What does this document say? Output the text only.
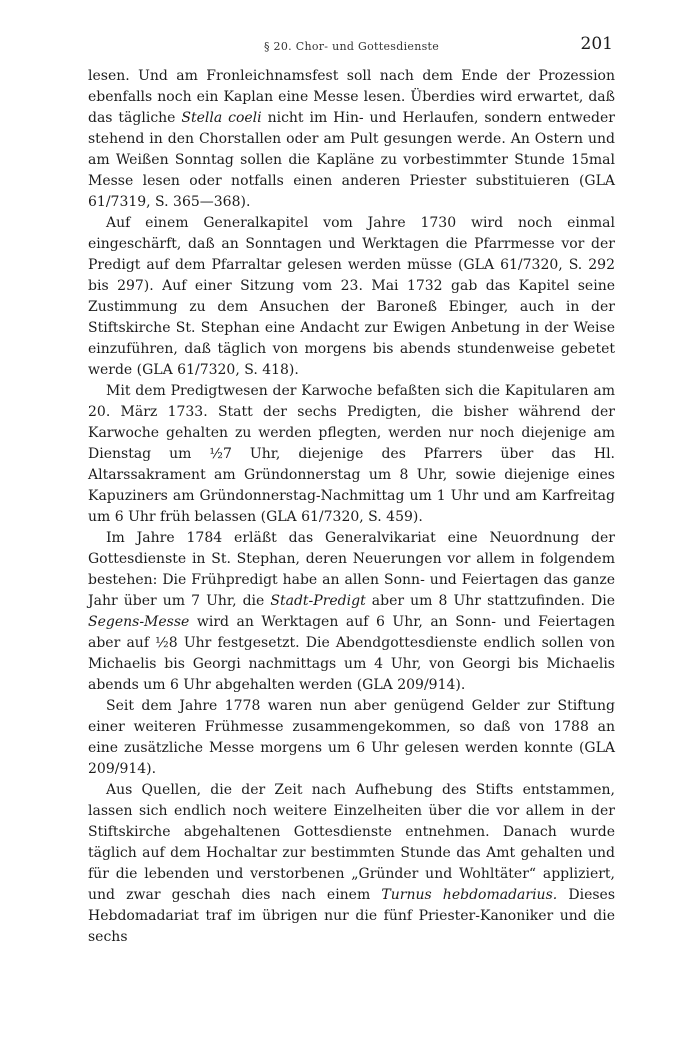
§ 20. Chor- und Gottesdienste	201

lesen. Und am Fronleichnamsfest soll nach dem Ende der Prozession ebenfalls noch ein Kaplan eine Messe lesen. Überdies wird erwartet, daß das tägliche Stella coeli nicht im Hin- und Herlaufen, sondern entweder stehend in den Chorstallen oder am Pult gesungen werde. An Ostern und am Weißen Sonntag sollen die Kapläne zu vorbestimmter Stunde 15mal Messe lesen oder notfalls einen anderen Priester substituieren (GLA 61/7319, S. 365—368).

Auf einem Generalkapitel vom Jahre 1730 wird noch einmal eingeschärft, daß an Sonntagen und Werktagen die Pfarrmesse vor der Predigt auf dem Pfarraltar gelesen werden müsse (GLA 61/7320, S. 292 bis 297). Auf einer Sitzung vom 23. Mai 1732 gab das Kapitel seine Zustimmung zu dem Ansuchen der Baroneß Ebinger, auch in der Stiftskirche St. Stephan eine Andacht zur Ewigen Anbetung in der Weise einzuführen, daß täglich von morgens bis abends stundenweise gebetet werde (GLA 61/7320, S. 418).

Mit dem Predigtwesen der Karwoche befaßten sich die Kapitularen am 20. März 1733. Statt der sechs Predigten, die bisher während der Karwoche gehalten zu werden pflegten, werden nur noch diejenige am Dienstag um ½7 Uhr, diejenige des Pfarrers über das Hl. Altarssakrament am Gründonnerstag um 8 Uhr, sowie diejenige eines Kapuziners am Gründonnerstag-Nachmittag um 1 Uhr und am Karfreitag um 6 Uhr früh belassen (GLA 61/7320, S. 459).

Im Jahre 1784 erläßt das Generalvikariat eine Neuordnung der Gottesdienste in St. Stephan, deren Neuerungen vor allem in folgendem bestehen: Die Frühpredigt habe an allen Sonn- und Feiertagen das ganze Jahr über um 7 Uhr, die Stadt-Predigt aber um 8 Uhr stattzufinden. Die Segens-Messe wird an Werktagen auf 6 Uhr, an Sonn- und Feiertagen aber auf ½8 Uhr festgesetzt. Die Abendgottesdienste endlich sollen von Michaelis bis Georgi nachmittags um 4 Uhr, von Georgi bis Michaelis abends um 6 Uhr abgehalten werden (GLA 209/914).

Seit dem Jahre 1778 waren nun aber genügend Gelder zur Stiftung einer weiteren Frühmesse zusammengekommen, so daß von 1788 an eine zusätzliche Messe morgens um 6 Uhr gelesen werden konnte (GLA 209/914).

Aus Quellen, die der Zeit nach Aufhebung des Stifts entstammen, lassen sich endlich noch weitere Einzelheiten über die vor allem in der Stiftskirche abgehaltenen Gottesdienste entnehmen. Danach wurde täglich auf dem Hochaltar zur bestimmten Stunde das Amt gehalten und für die lebenden und verstorbenen „Gründer und Wohltäter“ appliziert, und zwar geschah dies nach einem Turnus hebdomadarius. Dieses Hebdomadariat traf im übrigen nur die fünf Priester-Kanoniker und die sechs
